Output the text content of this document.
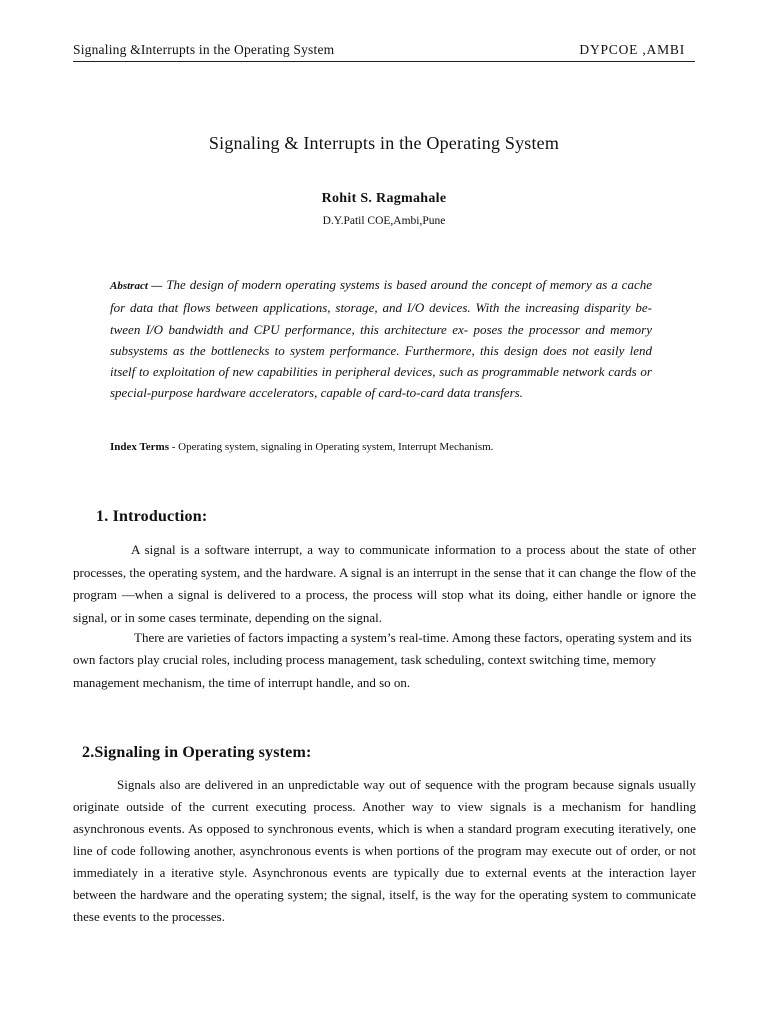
Signaling &Interrupts in the Operating System	DYPCOE ,AMBI
Signaling & Interrupts in the Operating System
Rohit S. Ragmahale
D.Y.Patil COE,Ambi,Pune
Abstract — The design of modern operating systems is based around the concept of memory as a cache for data that flows between applications, storage, and I/O devices. With the increasing disparity be- tween I/O bandwidth and CPU performance, this architecture ex- poses the processor and memory subsystems as the bottlenecks to system performance. Furthermore, this design does not easily lend itself to exploitation of new capabilities in peripheral devices, such as programmable network cards or special-purpose hardware accelerators, capable of card-to-card data transfers.
Index Terms - Operating system, signaling in Operating system, Interrupt Mechanism.
1. Introduction:

A signal is a software interrupt, a way to communicate information to a process about the state of other processes, the operating system, and the hardware. A signal is an interrupt in the sense that it can change the flow of the program —when a signal is delivered to a process, the process will stop what its doing, either handle or ignore the signal, or in some cases terminate, depending on the signal.

There are varieties of factors impacting a system’s real-time. Among these factors, operating system and its own factors play crucial roles, including process management, task scheduling, context switching time, memory management mechanism, the time of interrupt handle, and so on.

2.Signaling in Operating system:

Signals also are delivered in an unpredictable way out of sequence with the program because signals usually originate outside of the current executing process. Another way to view signals is a mechanism for handling asynchronous events. As opposed to synchronous events, which is when a standard program executing iteratively, one line of code following another, asynchronous events is when portions of the program may execute out of order, or not immediately in a iterative style. Asynchronous events are typically due to external events at the interaction layer between the hardware and the operating system; the signal, itself, is the way for the operating system to communicate these events to the processes.
